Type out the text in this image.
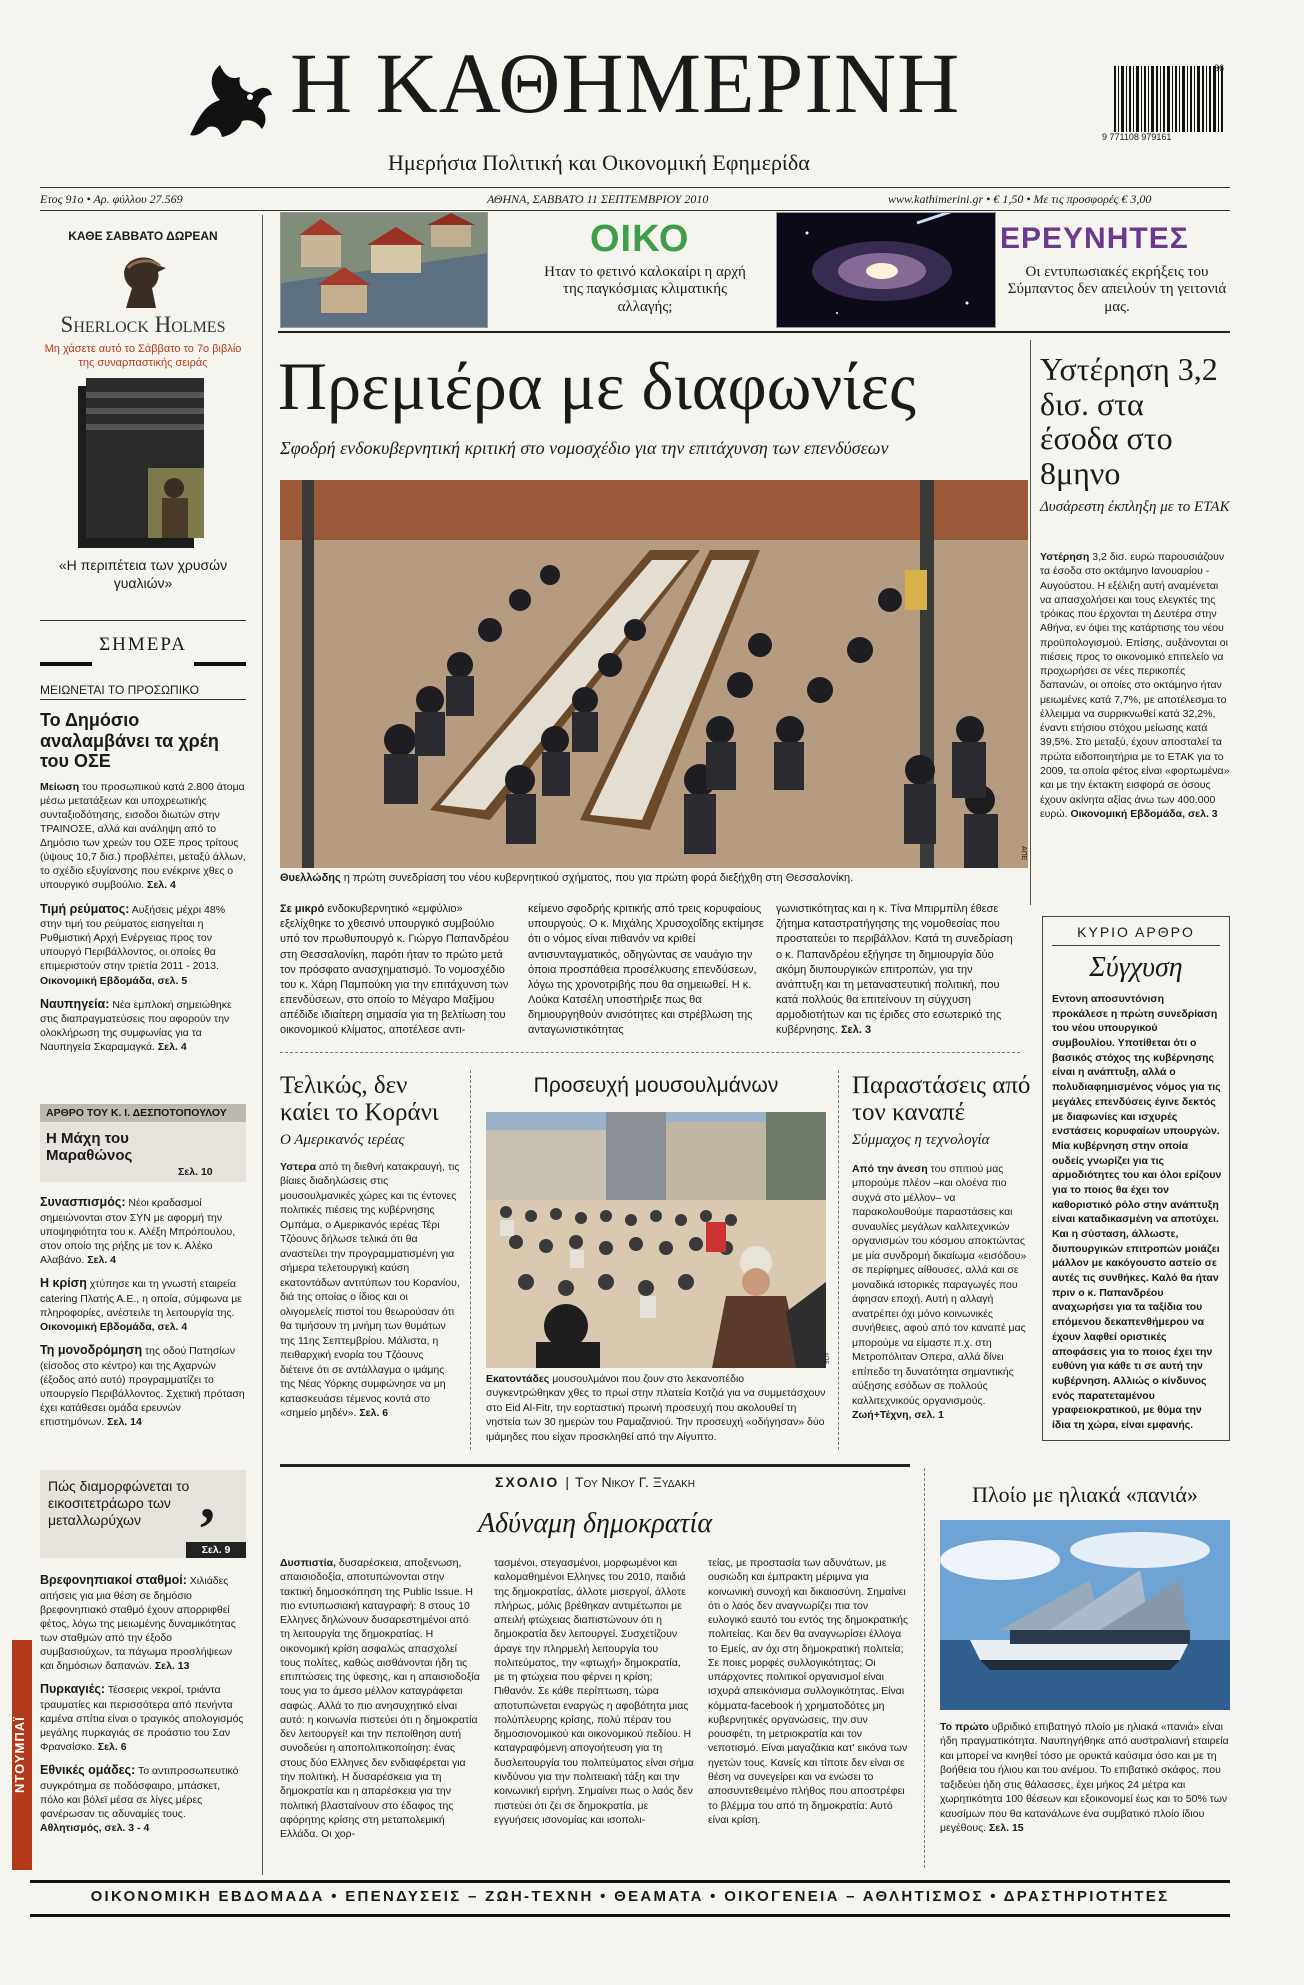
Η ΚΑΘΗΜΕΡΙΝΗ
Ημερήσια Πολιτική και Οικονομική Εφημερίδα
36
9 771108 979161
Ετος 91ο • Αρ. φύλλου 27.569	ΑΘΗΝΑ, ΣΑΒΒΑΤΟ 11 ΣΕΠΤΕΜΒΡΙΟΥ 2010	www.kathimerini.gr • € 1,50 • Με τις προσφορές € 3,00
ΚΑΘΕ ΣΑΒΒΑΤΟ ΔΩΡΕΑΝ
Sherlock Holmes
Μη χάσετε αυτό το Σάββατο το 7ο βιβλίο της συναρπαστικής σειράς
«Η περιπέτεια των χρυσών γυαλιών»
ΣΗΜΕΡΑ
ΜΕΙΩΝΕΤΑΙ ΤΟ ΠΡΟΣΩΠΙΚΟ
Το Δημόσιο αναλαμβάνει τα χρέη του ΟΣΕ
Μείωση του προσωπικού κατά 2.800 άτομα μέσω μετατάξεων και υποχρεωτικής συνταξιοδότησης, εισοδοι διωτών στην ΤΡΑΙΝΟΣΕ, αλλά και ανάληψη από το Δημόσιο των χρεών του ΟΣΕ προς τρίτους (ύψους 10,7 δισ.) προβλέπει, μεταξύ άλλων, το σχέδιο εξυγίανσης που ενέκρινε χθες ο υπουργικό συμβούλιο. Σελ. 4
Τιμή ρεύματος: Αυξήσεις μέχρι 48% στην τιμή του ρεύματος εισηγείται η Ρυθμιστική Αρχή Ενέργειας προς τον υπουργό Περιβάλλοντος, οι οποίες θα επιμεριστούν στην τριετία 2011 - 2013. Οικονομική Εβδομάδα, σελ. 5
Ναυπηγεία: Νέα εμπλοκή σημειώθηκε στις διαπραγματεύσεις που αφορούν την ολοκλήρωση της συμφωνίας για τα Ναυπηγεία Σκαραμαγκά. Σελ. 4
ΑΡΘΡΟ ΤΟΥ Κ. Ι. ΔΕΣΠΟΤΟΠΟΥΛΟΥ
Η Μάχη του Μαραθώνος
Σελ. 10
Συνασπισμός: Νέοι κραδασμοί σημειώνονται στον ΣΥΝ με αφορμή την υποψηφιότητα του κ. Αλέξη Μπρόπουλου, στον οποίο της ρήξης με τον κ. Αλέκο Αλαβάνο. Σελ. 4
Η κρίση χτύπησε και τη γνωστή εταιρεία catering Πλατής Α.Ε., η οποία, σύμφωνα με πληροφορίες, ανέστειλε τη λειτουργία της. Οικονομική Εβδομάδα, σελ. 4
Τη μονοδρόμηση της οδού Πατησίων (είσοδος στο κέντρο) και της Αχαρνών (έξοδος από αυτό) προγραμματίζει το υπουργείο Περιβάλλοντος. Σχετική πρόταση έχει κατάθεσει ομάδα ερευνών επιστημόνων. Σελ. 14
Πώς διαμορφώνεται το εικοσιτετράωρο των μεταλλωρύχων ,
Σελ. 9
Βρεφονηπιακοί σταθμοί: Χιλιάδες αιτήσεις για μια θέση σε δημόσιο βρεφονηπιακό σταθμό έχουν απορριφθεί φέτος, λόγω της μειωμένης δυναμικότητας των σταθμών από την έξοδο συμβασιούχων, τα πάγωμα προσλήψεων και δημόσιων δαπανών. Σελ. 13
Πυρκαγιές: Τέσσερις νεκροί, τριάντα τραυματίες και περισσότερα από πενήντα καμένα σπίτια είναι ο τραγικός απολογισμός μεγάλης πυρκαγιάς σε προάστιο του Σαν Φρανσίσκο. Σελ. 6
Εθνικές ομάδες: Το αντιπροσωπευτικό συγκρότημα σε ποδόσφαιρο, μπάσκετ, πόλο και βόλεϊ μέσα σε λίγες μέρες φανέρωσαν τις αδυναμίες τους. Αθλητισμός, σελ. 3 - 4
ΝΤΟΥΜΠΑΪ
ΟΙΚΟ
Ηταν το φετινό καλοκαίρι η αρχή της παγκόσμιας κλιματικής αλλαγής;
ΕΡΕΥΝΗΤΕΣ
Οι εντυπωσιακές εκρήξεις του Σύμπαντος δεν απειλούν τη γειτονιά μας.
Πρεμιέρα με διαφωνίες
Σφοδρή ενδοκυβερνητική κριτική στο νομοσχέδιο για την επιτάχυνση των επενδύσεων
ΑΠΕ
Θυελλώδης η πρώτη συνεδρίαση του νέου κυβερνητικού σχήματος, που για πρώτη φορά διεξήχθη στη Θεσσαλονίκη.
Σε μικρό ενδοκυβερνητικό «εμφύλιο» εξελίχθηκε το χθεσινό υπουργικό συμβούλιο υπό τον πρωθυπουργό κ. Γιώργο Παπανδρέου στη Θεσσαλονίκη, παρότι ήταν το πρώτο μετά τον πρόσφατο ανασχηματισμό. Το νομοσχέδιο του κ. Χάρη Παμπούκη για την επιτάχυνση των επενδύσεων, στο οποίο το Μέγαρο Μαξίμου απέδιδε ιδιαίτερη σημασία για τη βελτίωση του οικονομικού κλίματος, αποτέλεσε αντι-
κείμενο σφοδρής κριτικής από τρεις κορυφαίους υπουργούς. Ο κ. Μιχάλης Χρυσοχοΐδης εκτίμησε ότι ο νόμος είναι πιθανόν να κριθεί αντισυνταγματικός, οδηγώντας σε ναυάγιο την όποια προσπάθεια προσέλκυσης επενδύσεων, λόγω της χρονοτριβής που θα σημειωθεί. Η κ. Λούκα Κατσέλη υποστήριξε πως θα δημιουργηθούν ανισότητες και στρέβλωση της ανταγωνιστικότητας
γωνιστικότητας και η κ. Τίνα Μπιρμπίλη έθεσε ζήτημα καταστρατήγησης της νομοθεσίας που προστατεύει το περιβάλλον. Κατά τη συνεδρίαση ο κ. Παπανδρέου εξήγησε τη δημιουργία δύο ακόμη διυπουργικών επιτροπών, για την ανάπτυξη και τη μεταναστευτική πολιτική, που κατά πολλούς θα επιτείνουν τη σύγχυση αρμοδιοτήτων και τις έριδες στο εσωτερικό της κυβέρνησης. Σελ. 3
Υστέρηση 3,2 δισ. στα έσοδα στο 8μηνο
Δυσάρεστη έκπληξη με το ΕΤΑΚ
Υστέρηση 3,2 δισ. ευρώ παρουσιάζουν τα έσοδα στο οκτάμηνο Ιανουαρίου - Αυγούστου. Η εξέλιξη αυτή αναμένεται να απασχολήσει και τους ελεγκτές της τρόικας που έρχονται τη Δευτέρα στην Αθήνα, εν όψει της κατάρτισης του νέου προϋπολογισμού. Επίσης, αυξάνονται οι πιέσεις προς το οικονομικό επιτελείο να προχωρήσει σε νέες περικοπές δαπανών, οι οποίες στο οκτάμηνο ήταν μειωμένες κατά 7,7%, με αποτέλεσμα το έλλειμμα να συρρικνωθεί κατά 32,2%, έναντι ετήσιου στόχου μείωσης κατά 39,5%. Στο μεταξύ, έχουν αποσταλεί τα πρώτα ειδοποιητήρια με το ΕΤΑΚ για το 2009, τα οποία φέτος είναι «φορτωμένα» και με την έκτακτη εισφορά σε όσους έχουν ακίνητα αξίας άνω των 400.000 ευρώ. Οικονομική Εβδομάδα, σελ. 3
ΚΥΡΙΟ ΑΡΘΡΟ
Σύγχυση
Εντονη αποσυντόνιση προκάλεσε η πρώτη συνεδρίαση του νέου υπουργικού συμβουλίου. Υποτίθεται ότι ο βασικός στόχος της κυβέρνησης είναι η ανάπτυξη, αλλά ο πολυδιαφημισμένος νόμος για τις μεγάλες επενδύσεις έγινε δεκτός με διαφωνίες και ισχυρές ενστάσεις κορυφαίων υπουργών. Μία κυβέρνηση στην οποία ουδείς γνωρίζει για τις αρμοδιότητες του και όλοι ερίζουν για το ποιος θα έχει τον καθοριστικό ρόλο στην ανάπτυξη είναι καταδικασμένη να αποτύχει. Και η σύσταση, άλλωστε, διυπουργικών επιτροπών μοιάζει μάλλον με κακόγουστο αστείο σε αυτές τις συνθήκες. Καλό θα ήταν πριν ο κ. Παπανδρέου αναχωρήσει για τα ταξίδια του επόμενου δεκαπενθήμερου να έχουν λαφθεί οριστικές αποφάσεις για το ποιος έχει την ευθύνη για κάθε τι σε αυτή την κυβέρνηση. Αλλιώς ο κίνδυνος ενός παρατεταμένου γραφειοκρατικού, με θύμα την ίδια τη χώρα, είναι εμφανής.
Τελικώς, δεν καίει το Κοράνι
Ο Αμερικανός ιερέας
Υστερα από τη διεθνή κατακραυγή, τις βίαιες διαδηλώσεις στις μουσουλμανικές χώρες και τις έντονες πολιτικές πιέσεις της κυβέρνησης Ομπάμα, ο Αμερικανός ιερέας Τέρι Τζόουνς δήλωσε τελικά ότι θα αναστείλει την προγραμματισμένη για σήμερα τελετουργική καύση εκατοντάδων αντιτύπων του Κορανίου, διά της οποίας ο ίδιος και οι ολιγομελείς πιστοί του θεωρούσαν ότι θα τιμήσουν τη μνήμη των θυμάτων της 11ης Σεπτεμβρίου. Μάλιστα, η πειθαρχική ενορία του Τζόουνς διέτεινε ότι σε αντάλλαγμα ο ιμάμης της Νέας Υόρκης συμφώνησε να μη κατασκευάσει τέμενος κοντά στο «σημείο μηδέν». Σελ. 6
Προσευχή μουσουλμάνων
ΑΠΕ
Εκατοντάδες μουσουλμάνοι που ζουν στο λεκανοπέδιο συγκεντρώθηκαν χθες το πρωί στην πλατεία Κοτζιά για να συμμετάσχουν στο Eid Al-Fitr, την εορταστική πρωινή προσευχή που ακολουθεί τη νηστεία των 30 ημερών του Ραμαζανιού. Την προσευχή «οδήγησαν» δύο ιμάμηδες που είχαν προσκληθεί από την Αίγυπτο.
Παραστάσεις από τον καναπέ
Σύμμαχος η τεχνολογία
Από την άνεση του σπιτιού μας μπορούμε πλέον –και ολοένα πιο συχνά στο μέλλον– να παρακολουθούμε παραστάσεις και συναυλίες μεγάλων καλλιτεχνικών οργανισμών του κόσμου αποκτώντας με μία συνδρομή δικαίωμα «εισόδου» σε περίφημες αίθουσες, αλλά και σε μοναδικά ιστορικές παραγωγές που άφησαν εποχή. Αυτή η αλλαγή ανατρέπει όχι μόνο κοινωνικές συνήθειες, αφού από τον καναπέ μας μπορούμε να είμαστε π.χ. στη Μετροπόλιταν Οπερα, αλλά δίνει επίπεδο τη δυνατότητα σημαντικής αύξησης εσόδων σε πολλούς καλλιτεχνικούς οργανισμούς. Ζωή+Τέχνη, σελ. 1
ΣΧΟΛΙΟ | Του Νικου Γ. Ξυδακη
Αδύναμη δημοκρατία
Δυσπιστία, δυσαρέσκεια, αποξενωση, απαισιοδοξία, αποτυπώνονται στην τακτική δημοσκόπηση της Public Issue. Η πιο εντυπωσιακή καταγραφή: 8 στους 10 Ελληνες δηλώνουν δυσαρεστημένοι από τη λειτουργία της δημοκρατίας. Η οικονομική κρίση ασφαλώς απασχολεί τους πολίτες, καθώς αισθάνονται ήδη τις επιπτώσεις της ύφεσης, και η απαισιοδοξία τους για το άμεσο μέλλον καταγράφεται σαφώς. Αλλά το πιο ανησυχητικό είναι αυτό: η κοινωνία πιστεύει ότι η δημοκρατία δεν λειτουργεί! και την πεποίθηση αυτή συνοδεύει η αποπολιτικοποίηση: ένας στους δύο Ελληνες δεν ενδιαφέρεται για την πολιτική. Η δυσαρέσκεια για τη δημοκρατία και η απαρέσκεια για την πολιτική βλασταίνουν στο έδαφος της αφόρητης κρίσης στη μεταπολεμική Ελλάδα. Οι χορ-
τασμένοι, στεγασμένοι, μορφωμένοι και καλομαθημένοι Ελληνες του 2010, παιδιά της δημοκρατίας, άλλοτε μισεργοί, άλλοτε πλήρως, μόλις βρέθηκαν αντιμέτωποι με απειλή φτώχειας διαπιστώνουν ότι η δημοκρατία δεν λειτουργεί. Συσχετίζουν άραγε την πληρμελή λειτουργία του πολιτεύματος, την «φτωχή» δημοκρατία, με τη φτώχεια που φέρνει η κρίση; Πιθανόν. Σε κάθε περίπτωση, τώρα αποτυπώνεται εναργώς η αφοβότητα μιας πολύπλευρης κρίσης, πολύ πέραν του δημοσιονομικού και οικονομικού πεδίου. Η καταγραφόμενη απογοήτευση για τη δυσλειτουργία του πολιτεύματος είναι σήμα κινδύνου για την πολιτειακή τάξη και την κοινωνική ειρήνη. Σημαίνει πως ο λαός δεν πιστεύει ότι ζει σε δημοκρατία, με εγγυήσεις ισονομίας και ισοπολι-
τείας, με προστασία των αδυνάτων, με ουσιώδη και έμπρακτη μέριμνα για κοινωνική συνοχή και δικαιοσύνη. Σημαίνει ότι ο λαός δεν αναγνωρίζει πια τον ευλογικό εαυτό του εντός της δημοκρατικής πολιτείας. Και δεν θα αναγνωρίσει έλλογα το Εμείς, αν όχι στη δημοκρατική πολιτεία; Σε ποιες μορφές συλλογικότητας; Οι υπάρχοντες πολιτικοί οργανισμοί είναι ισχυρά απεικόνισμα συλλογικότητας. Είναι κόμματα-facebook ή χρηματοδότες μη κυβερνητικές οργανώσεις, την συν ρουσφέτι, τη μετριοκρατία και τον νεποτισμό. Είναι μαγαζάκια κατ' εικόνα των ηγετών τους. Κανείς και τίποτε δεν είναι σε θέση να συνεγείρει και να ενώσει το αποσυντεθειμένο πλήθος που αποστρέφει το βλέμμα του από τη δημοκρατία: Αυτό είναι κρίση.
Πλοίο με ηλιακά «πανιά»
Το πρώτο υβριδικό επιβατηγό πλοίο με ηλιακά «πανιά» είναι ήδη πραγματικότητα. Ναυπηγήθηκε από αυστραλιανή εταιρεία και μπορεί να κινηθεί τόσο με ορυκτά καύσιμα όσο και με τη βοήθεια του ήλιου και του ανέμου. Το επιβατικό σκάφος, που ταξιδεύει ήδη στις θάλασσες, έχει μήκος 24 μέτρα και χωρητικότητα 100 θέσεων και εξοικονομεί έως και το 50% των καυσίμων που θα κατανάλωνε ένα συμβατικό πλοίο ίδιου μεγέθους. Σελ. 15
ΟΙΚΟΝΟΜΙΚΗ ΕΒΔΟΜΑΔΑ • ΕΠΕΝΔΥΣΕΙΣ – ΖΩΗ-ΤΕΧΝΗ • ΘΕΑΜΑΤΑ • ΟΙΚΟΓΕΝΕΙΑ – ΑΘΛΗΤΙΣΜΟΣ • ΔΡΑΣΤΗΡΙΟΤΗΤΕΣ
